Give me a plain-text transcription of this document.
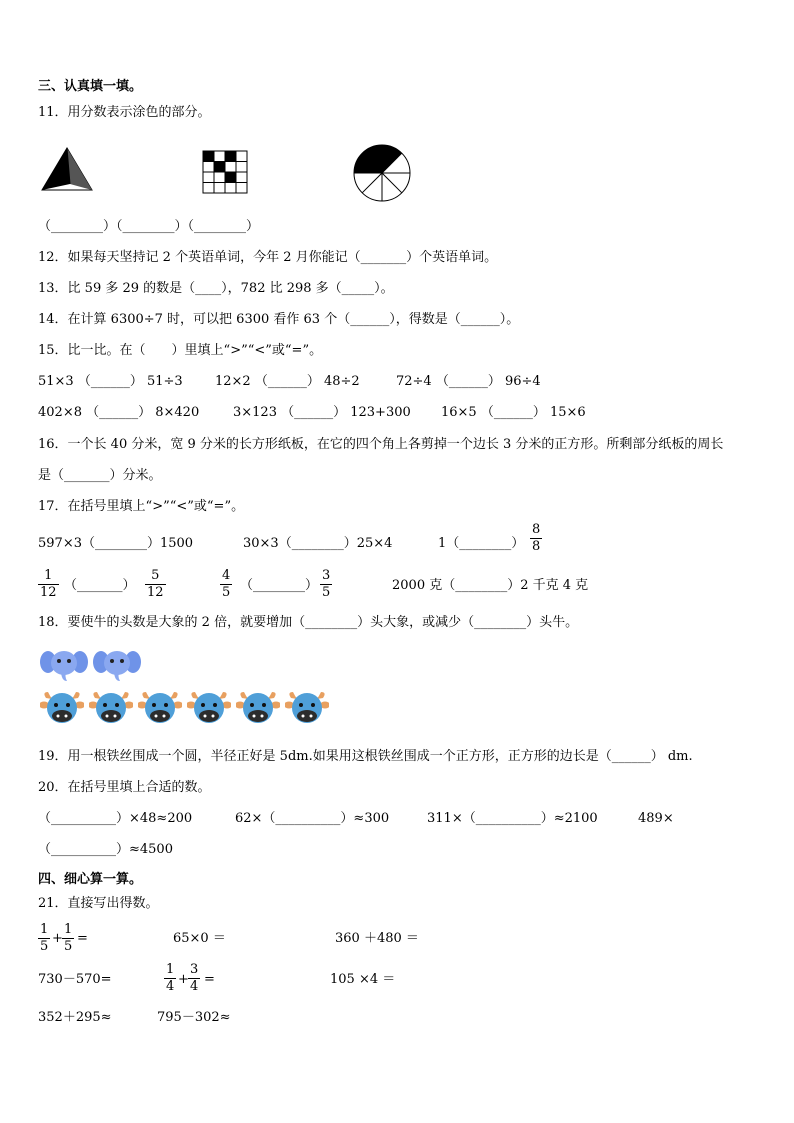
三、认真填一填。
11．用分数表示涂色的部分。
（________）（________）（________）
12．如果每天坚持记 2 个英语单词，今年 2 月你能记（_______）个英语单词。
13．比 59 多 29 的数是（____），782 比 298 多（_____）。
14．在计算 6300÷7 时，可以把 6300 看作 63 个（______），得数是（______）。
15．比一比。在（　　）里填上“>”“<”或“=”。
51×3 （______） 51÷3 12×2 （______） 48÷2	72÷4 （______） 96÷4
402×8 （______） 8×420	3×123 （______） 123+300 16×5 （______） 15×6
16．一个长 40 分米，宽 9 分米的长方形纸板，在它的四个角上各剪掉一个边长 3 分米的正方形。所剩部分纸板的周长
是（_______）分米。
17．在括号里填上“>”“<”或“=”。
597×3（________）1500	30×3（________）25×4	1（________） $\frac{8}{8}$
$\frac{1}{12}$ （_______） $\frac{5}{12}$	$\frac{4}{5}$ （________） $\frac{3}{5}$	2000 克（________）2 千克 4 克
18．要使牛的头数是大象的 2 倍，就要增加（________）头大象，或减少（________）头牛。
19．用一根铁丝围成一个圆，半径正好是 5dm.如果用这根铁丝围成一个正方形，正方形的边长是（______） dm.
20．在括号里填上合适的数。
（__________）×48≈200	62×（__________）≈300	311×（__________）≈2100	489×
（__________）≈4500
四、细心算一算。
21．直接写出得数。
$\frac{1}{5} + \frac{1}{5}$ =	65×0 ＝	360 ＋480 ＝
730－570=	$\frac{1}{4} + \frac{3}{4}$ =	105 ×4 ＝
352＋295≈	795－302≈
